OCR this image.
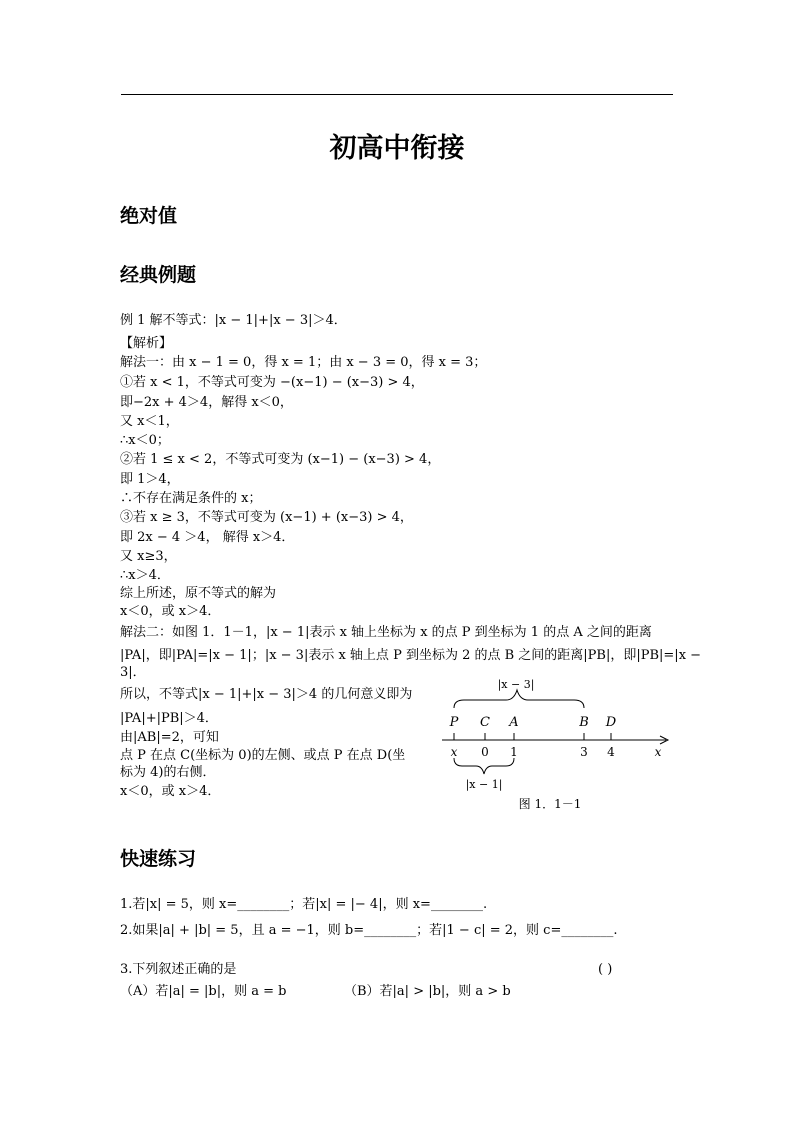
初高中衔接
绝对值
经典例题
例 1 解不等式：|x − 1|+|x − 3|＞4．
【解析】
解法一：由 x − 1 = 0，得 x = 1；由 x − 3 = 0，得 x = 3；
①若 x < 1，不等式可变为 −(x−1) − (x−3) > 4，
即−2x + 4＞4，解得 x＜0，
又 x＜1，
∴x＜0；
②若 1 ≤ x < 2，不等式可变为 (x−1) − (x−3) > 4，
即 1＞4，
∴不存在满足条件的 x；
③若 x ≥ 3，不等式可变为 (x−1) + (x−3) > 4，
即 2x − 4 ＞4， 解得 x＞4．
又 x≥3，
∴x＞4．
综上所述，原不等式的解为
x＜0，或 x＞4．
解法二：如图 1．1－1，|x − 1|表示 x 轴上坐标为 x 的点 P 到坐标为 1 的点 A 之间的距离
|PA|，即|PA|=|x − 1|；|x − 3|表示 x 轴上点 P 到坐标为 2 的点 B 之间的距离|PB|，即|PB|=|x −
3|．
所以，不等式|x − 1|+|x − 3|＞4 的几何意义即为
|PA|+|PB|＞4．
由|AB|=2，可知
点 P 在点 C(坐标为 0)的左侧、或点 P 在点 D(坐
标为 4)的右侧．
x＜0，或 x＞4．
|x − 3|
P C A	B D
x 0 1	3 4	x
|x − 1|
图 1．1－1
快速练习
1.若|x| = 5，则 x=________；若|x| = |− 4|，则 x=________.
2.如果|a| + |b| = 5，且 a = −1，则 b=________；若|1 − c| = 2，则 c=________.
3.下列叙述正确的是	( )
（A）若|a| = |b|，则 a = b	（B）若|a| > |b|，则 a > b
